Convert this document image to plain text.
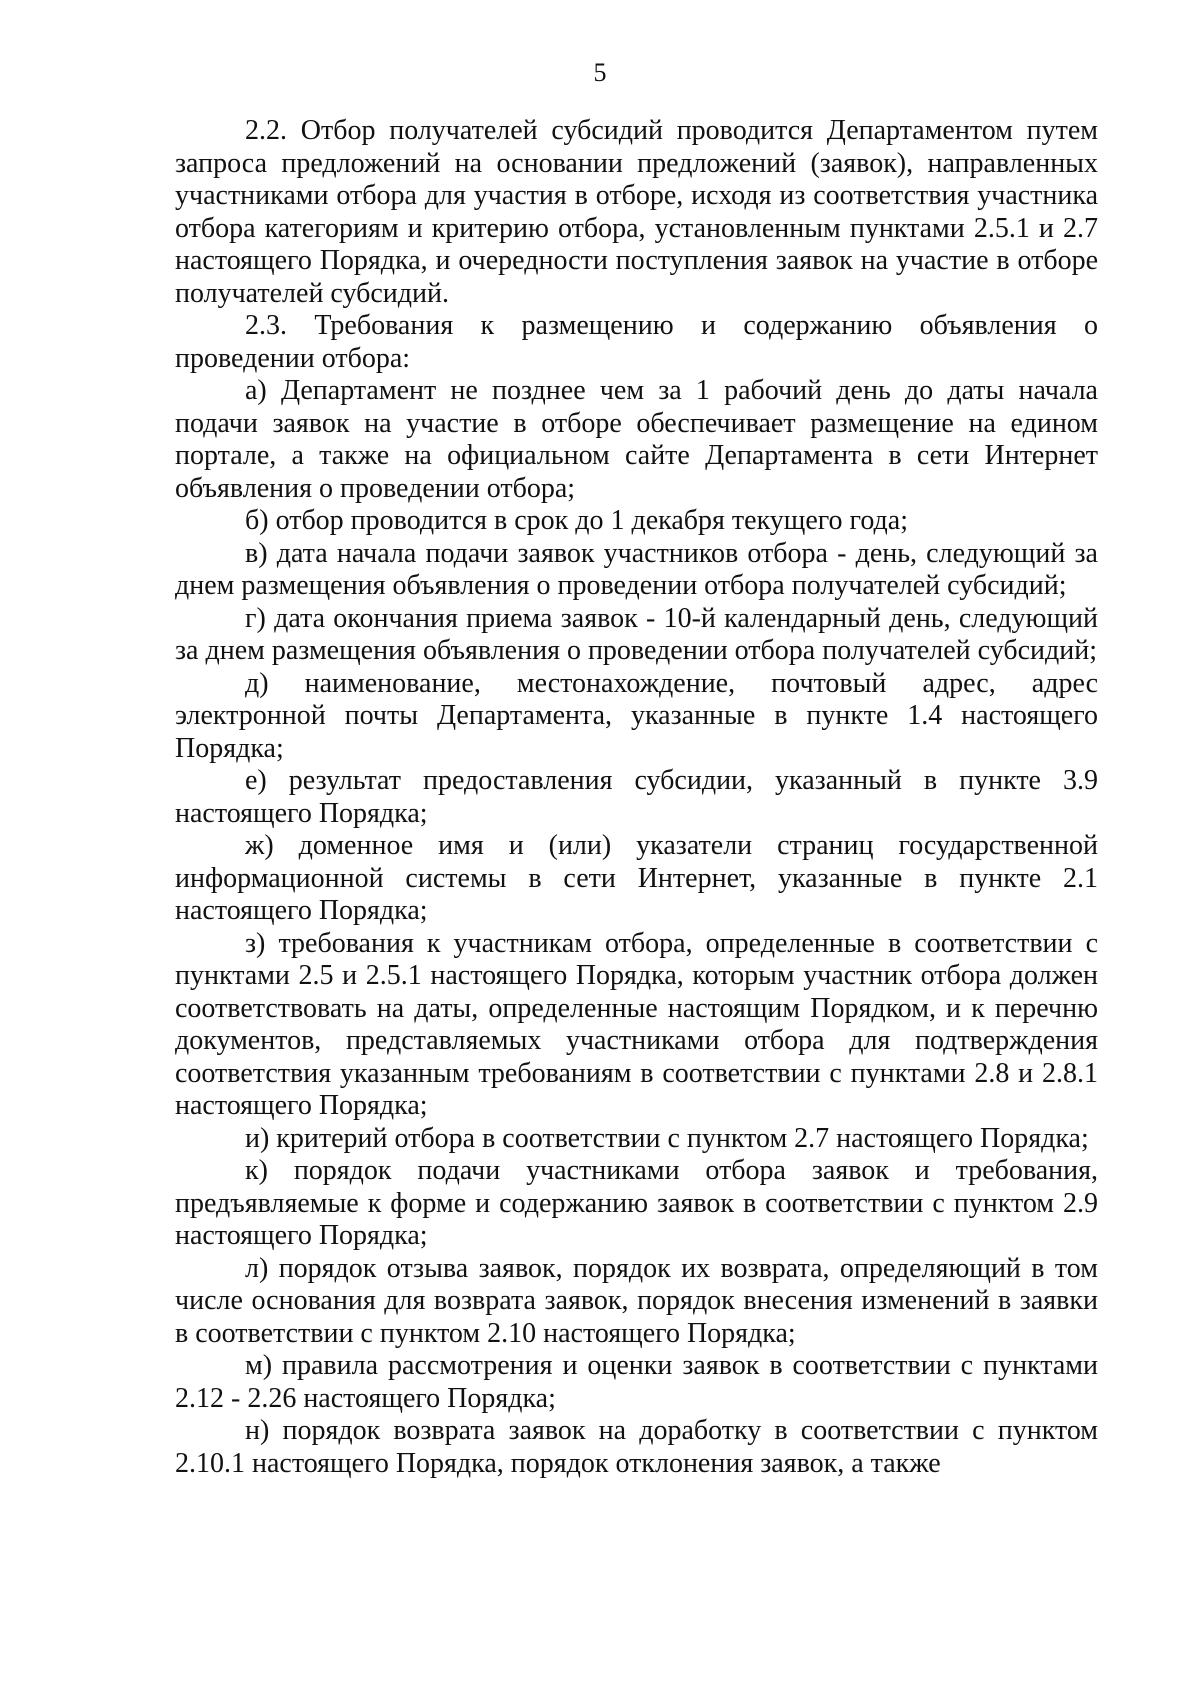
5

2.2. Отбор получателей субсидий проводится Департаментом путем запроса предложений на основании предложений (заявок), направленных участниками отбора для участия в отборе, исходя из соответствия участника отбора категориям и критерию отбора, установленным пунктами 2.5.1 и 2.7 настоящего Порядка, и очередности поступления заявок на участие в отборе получателей субсидий.

2.3. Требования к размещению и содержанию объявления о проведении отбора:

а) Департамент не позднее чем за 1 рабочий день до даты начала подачи заявок на участие в отборе обеспечивает размещение на едином портале, а также на официальном сайте Департамента в сети Интернет объявления о проведении отбора;

б) отбор проводится в срок до 1 декабря текущего года;

в) дата начала подачи заявок участников отбора - день, следующий за днем размещения объявления о проведении отбора получателей субсидий;

г) дата окончания приема заявок - 10-й календарный день, следующий за днем размещения объявления о проведении отбора получателей субсидий;

д) наименование, местонахождение, почтовый адрес, адрес электронной почты Департамента, указанные в пункте 1.4 настоящего Порядка;

е) результат предоставления субсидии, указанный в пункте 3.9 настоящего Порядка;

ж) доменное имя и (или) указатели страниц государственной информационной системы в сети Интернет, указанные в пункте 2.1 настоящего Порядка;

з) требования к участникам отбора, определенные в соответствии с пунктами 2.5 и 2.5.1 настоящего Порядка, которым участник отбора должен соответствовать на даты, определенные настоящим Порядком, и к перечню документов, представляемых участниками отбора для подтверждения соответствия указанным требованиям в соответствии с пунктами 2.8 и 2.8.1 настоящего Порядка;

и) критерий отбора в соответствии с пунктом 2.7 настоящего Порядка;

к) порядок подачи участниками отбора заявок и требования, предъявляемые к форме и содержанию заявок в соответствии с пунктом 2.9 настоящего Порядка;

л) порядок отзыва заявок, порядок их возврата, определяющий в том числе основания для возврата заявок, порядок внесения изменений в заявки в соответствии с пунктом 2.10 настоящего Порядка;

м) правила рассмотрения и оценки заявок в соответствии с пунктами 2.12 - 2.26 настоящего Порядка;

н) порядок возврата заявок на доработку в соответствии с пунктом 2.10.1 настоящего Порядка, порядок отклонения заявок, а также
